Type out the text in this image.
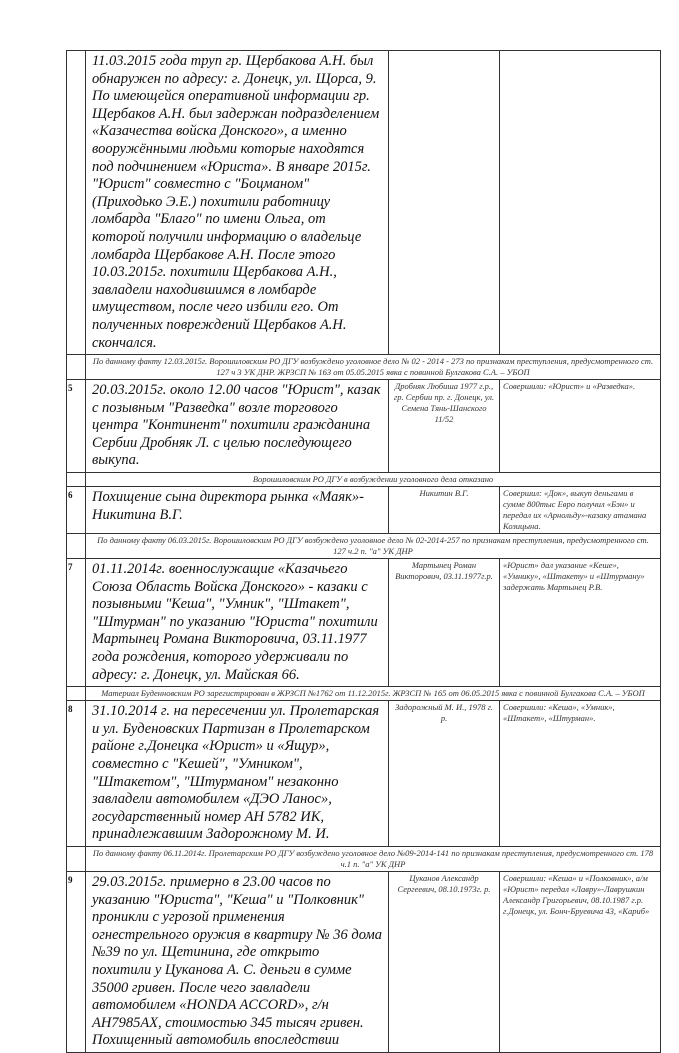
	11.03.2015 года труп гр. Щербакова А.Н. был обнаружен по адресу: г. Донецк, ул. Щорса, 9. По имеющейся оперативной информации гр. Щербаков А.Н. был задержан подразделением «Казачества войска Донского», а именно вооружёнными людьми которые находятся под подчинением «Юриста». В январе 2015г. "Юрист" совместно с "Боцманом" (Приходько Э.Е.) похитили работницу ломбарда "Благо" по имени Ольга, от которой получили информацию о владельце ломбарда Щербакове А.Н. После этого 10.03.2015г. похитили Щербакова А.Н., завладели находившимся в ломбарде имуществом, после чего избили его. От полученных повреждений Щербаков А.Н. скончался.		
	По данному факту 12.03.2015г. Ворошиловским РО ДГУ возбуждено уголовное дело № 02 - 2014 - 273 по признакам преступления, предусмотренного ст. 127 ч 3 УК ДНР. ЖРЗСП № 163 от 05.05.2015 явка с повинной Булгакова С.А. – УБОП		
5	20.03.2015г. около 12.00 часов "Юрист", казак с позывным "Разведка" возле торгового центра "Континент" похитили гражданина Сербии Дробняк Л. с целью последующего выкупа.	Дробняк Любиша 1977 г.р., гр. Сербии пр. г. Донецк, ул. Семена Тянь-Шанского 11/52	Совершили: «Юрист» и «Разведка».
	Ворошиловским РО ДГУ в возбуждении уголовного дела отказано		
6	Похищение сына директора рынка «Маяк»- Никитина В.Г.	Никитин В.Г.	Совершил: «Док», выкуп деньгами в сумме 800тыс Евро получил «Бэн» и передал их «Арнольду»-казаку атамана Козицына.
	По данному факту 06.03.2015г. Ворошиловским РО ДГУ возбуждено уголовное дело № 02-2014-257 по признакам преступления, предусмотренного ст. 127 ч.2 п. "а" УК ДНР		
7	01.11.2014г. военнослужащие «Казачьего Союза Область Войска Донского» - казаки с позывными "Кеша", "Умник", "Штакет", "Штурман" по указанию "Юриста" похитили Мартынец Романа Викторовича, 03.11.1977 года рождения, которого удерживали по адресу: г. Донецк, ул. Майская 66.	Мартынец Роман Викторович, 03.11.1977г.р.	«Юрист» дал указание «Кеше», «Умнику», «Штакету» и «Штурману» задержать Мартынец Р.В.
	Материал Буденновским РО зарегистрирован в ЖРЗСП №1762 от 11.12.2015г. ЖРЗСП № 165 от 06.05.2015 явка с повинной Булгакова С.А. – УБОП		
8	31.10.2014 г. на пересечении ул. Пролетарская и ул. Буденовских Партизан в Пролетарском районе г.Донецка «Юрист» и «Ящур», совместно с "Кешей", "Умником", "Штакетом", "Штурманом" незаконно завладели автомобилем «ДЭО Ланос», государственный номер АН 5782 ИК, принадлежавшим Задорожному М. И.	Задорожный М. И., 1978 г. р.	Совершили: «Кеша», «Умник», «Штакет», «Штурман».
	По данному факту 06.11.2014г. Пролетарским РО ДГУ возбуждено уголовное дело №09-2014-141 по признакам преступления, предусмотренного ст. 178 ч.1 п. "а" УК ДНР		
9	29.03.2015г. примерно в 23.00 часов по указанию "Юриста", "Кеша" и "Полковник" проникли с угрозой применения огнестрельного оружия в квартиру № 36 дома №39 по ул. Щетинина, где открыто похитили у Цуканова А. С. деньги в сумме 35000 гривен. После чего завладели автомобилем «HONDA ACCORD», г/н АН7985АХ, стоимостью 345 тысяч гривен. Похищенный автомобиль впоследствии	Цуканов Александр Сергеевич, 08.10.1973г. р.	Совершили: «Кеша» и «Полковник», а/м «Юрист» передал «Лавру»-Лаврушкин Александр Григорьевич, 08.10.1987 г.р. г.Донецк, ул. Бонч-Бруевича 43, «Кариб»
